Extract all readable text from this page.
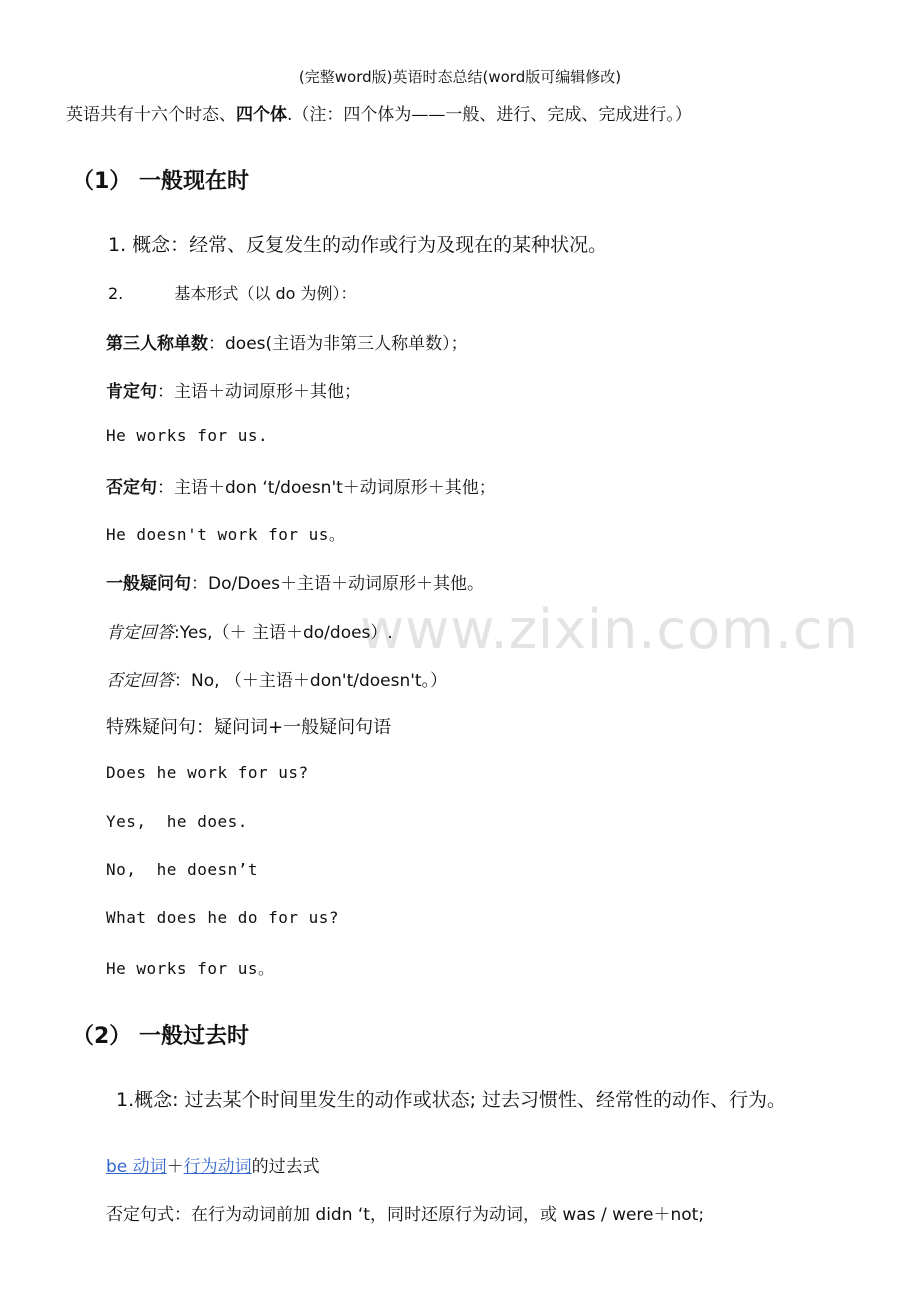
(完整word版)英语时态总结(word版可编辑修改)
英语共有十六个时态、四个体.（注：四个体为——一般、进行、完成、完成进行。）
www.zixin.com.cn
（1） 一般现在时
1. 概念：经常、反复发生的动作或行为及现在的某种状况。
2.	基本形式（以 do 为例）：
第三人称单数：does(主语为非第三人称单数）；
肯定句：主语＋动词原形＋其他；
He works for us.
否定句：主语＋don ‘t/doesn't＋动词原形＋其他；
He doesn't work for us。
一般疑问句：Do/Does＋主语＋动词原形＋其他。
肯定回答:Yes,（＋ 主语＋do/does）.
否定回答：No, （＋主语＋don't/doesn't。）
特殊疑问句：疑问词+一般疑问句语
Does he work for us?
Yes,  he does.
No,  he doesn’t
What does he do for us?
He works for us。
（2） 一般过去时
1.概念: 过去某个时间里发生的动作或状态; 过去习惯性、经常性的动作、行为。
be 动词＋行为动词的过去式
否定句式：在行为动词前加 didn ‘t，同时还原行为动词，或 was / were＋not;
